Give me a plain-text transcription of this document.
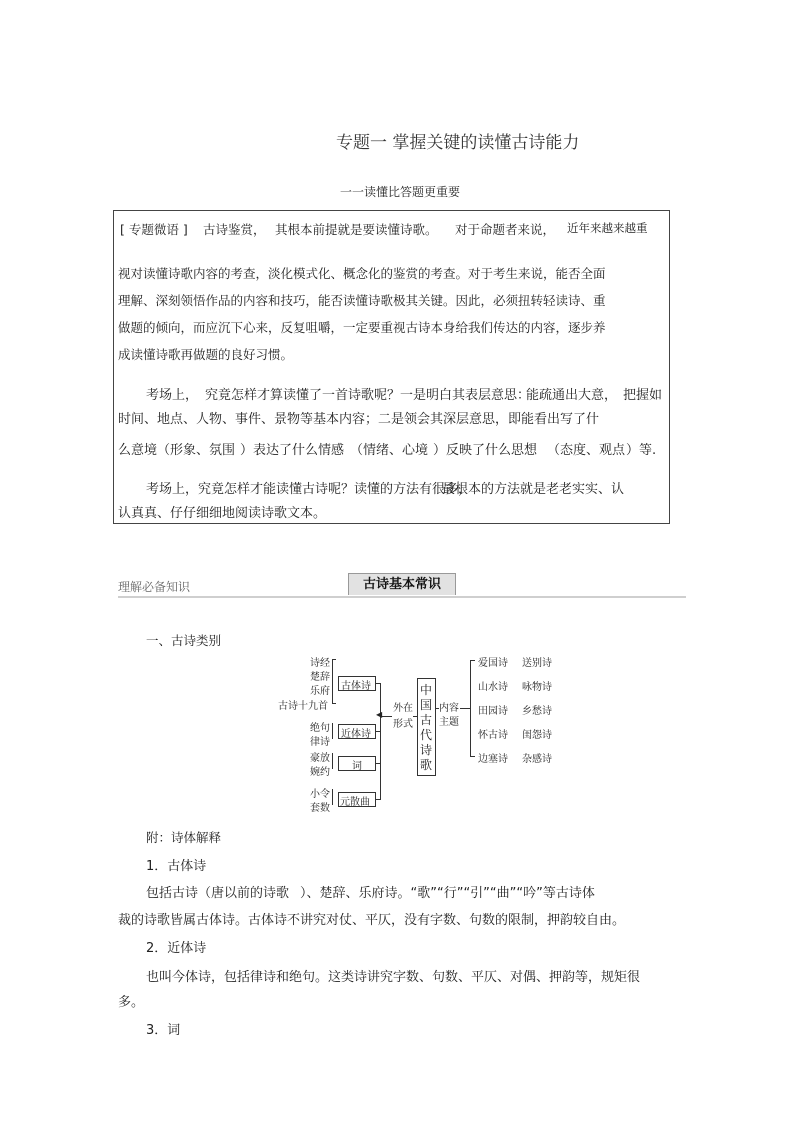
专题一 掌握关键的读懂古诗能力
一一读懂比答题更重要
[ 专题微语 ] 古诗鉴赏， 其根本前提就是要读懂诗歌。 对于命题者来说， 近年来越来越重
视对读懂诗歌内容的考查，淡化模式化、概念化的鉴赏的考查。对于考生来说，能否全面
理解、深刻领悟作品的内容和技巧，能否读懂诗歌极其关键。因此，必须扭转轻读诗、重
做题的倾向，而应沉下心来，反复咀嚼，一定要重视古诗本身给我们传达的内容，逐步养
成读懂诗歌再做题的良好习惯。
考场上， 究竟怎样才算读懂了一首诗歌呢？一是明白其表层意思：
能疏通出大意， 把握如
时间、地点、人物、事件、景物等基本内容；二是领会其深层意思，即能看出写了什
么意境（形象、氛围 ）表达了什么情感 （情绪、心境 ）反映了什么思想 （态度、观点 ）等.
考场上，究竟怎样才能读懂古诗呢？读懂的方法有很多，
最根本的方法就是老老实实、认
认真真、仔仔细细地阅读诗歌文本。
理解必备知识	古诗基本常识
一、古诗类别
诗经
楚辞
乐府
古诗十九首
古体诗
绝句
律诗
近体诗
豪放
婉约
词
小令
套数
元散曲
◀
外在
形式
中
国
古
代
诗
歌
内容
主题
爱国诗 送别诗
山水诗 咏物诗
田园诗 乡愁诗
怀古诗 闺怨诗
边塞诗 杂感诗
附：诗体解释
1．古体诗
包括古诗（唐以前的诗歌 ）、楚辞、乐府诗。“歌”“行”“引”“曲”“吟”等古诗体
裁的诗歌皆属古体诗。古体诗不讲究对仗、平仄，没有字数、句数的限制，押韵较自由。
2．近体诗
也叫今体诗，包括律诗和绝句。这类诗讲究字数、句数、平仄、对偶、押韵等，规矩很
多。
3．词
